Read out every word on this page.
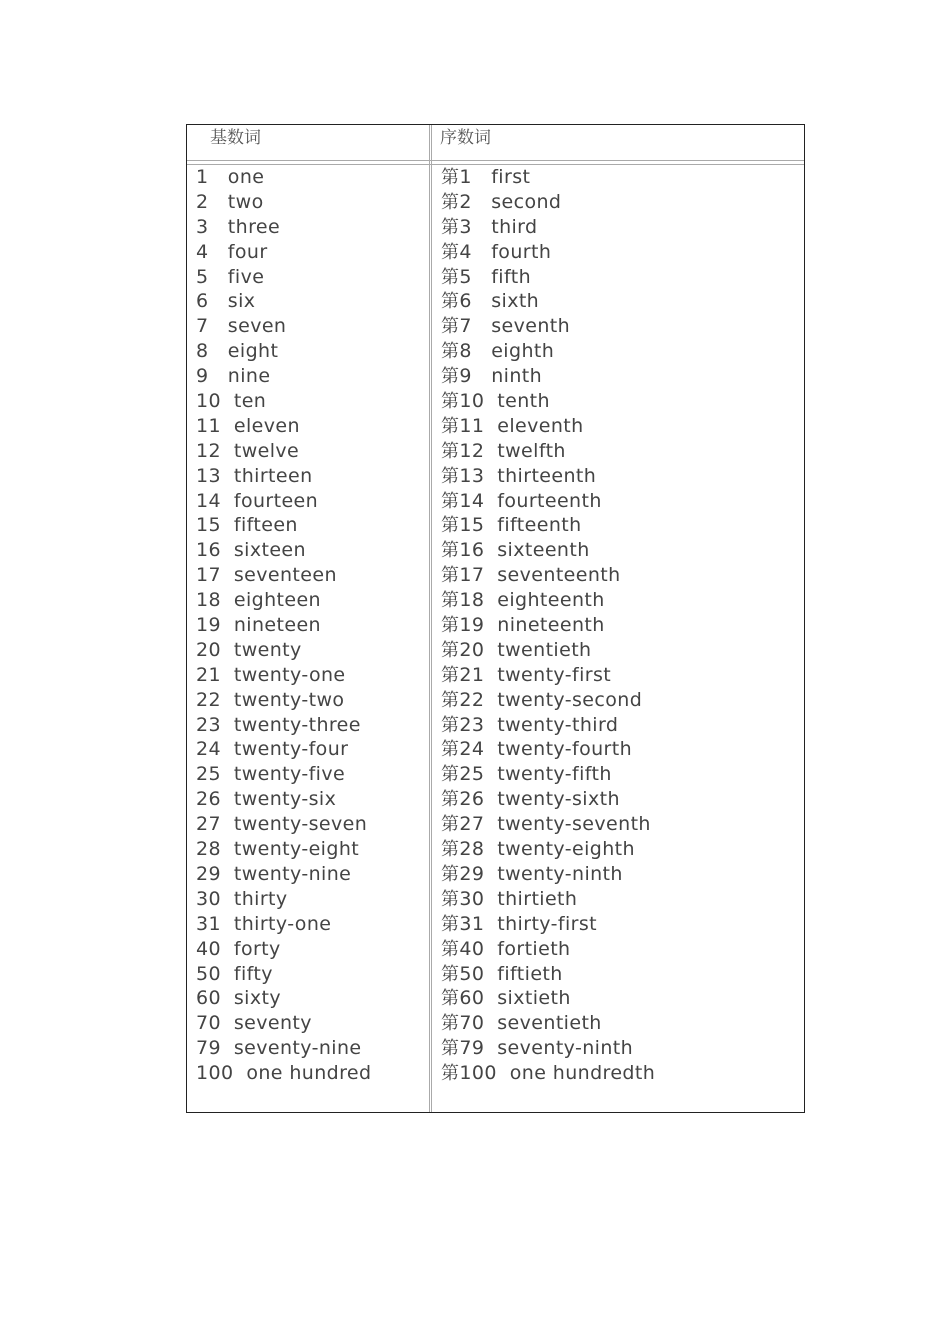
基数词	序数词
1   one
2   two
3   three
4   four
5   five
6   six
7   seven
8   eight
9   nine
10  ten
11  eleven
12  twelve
13  thirteen
14  fourteen
15  fifteen
16  sixteen
17  seventeen
18  eighteen
19  nineteen
20  twenty
21  twenty-one
22  twenty-two
23  twenty-three
24  twenty-four
25  twenty-five
26  twenty-six
27  twenty-seven
28  twenty-eight
29  twenty-nine
30  thirty
31  thirty-one
40  forty
50  fifty
60  sixty
70  seventy
79  seventy-nine
100  one hundred
第1   first
第2   second
第3   third
第4   fourth
第5   fifth
第6   sixth
第7   seventh
第8   eighth
第9   ninth
第10  tenth
第11  eleventh
第12  twelfth
第13  thirteenth
第14  fourteenth
第15  fifteenth
第16  sixteenth
第17  seventeenth
第18  eighteenth
第19  nineteenth
第20  twentieth
第21  twenty-first
第22  twenty-second
第23  twenty-third
第24  twenty-fourth
第25  twenty-fifth
第26  twenty-sixth
第27  twenty-seventh
第28  twenty-eighth
第29  twenty-ninth
第30  thirtieth
第31  thirty-first
第40  fortieth
第50  fiftieth
第60  sixtieth
第70  seventieth
第79  seventy-ninth
第100  one hundredth
